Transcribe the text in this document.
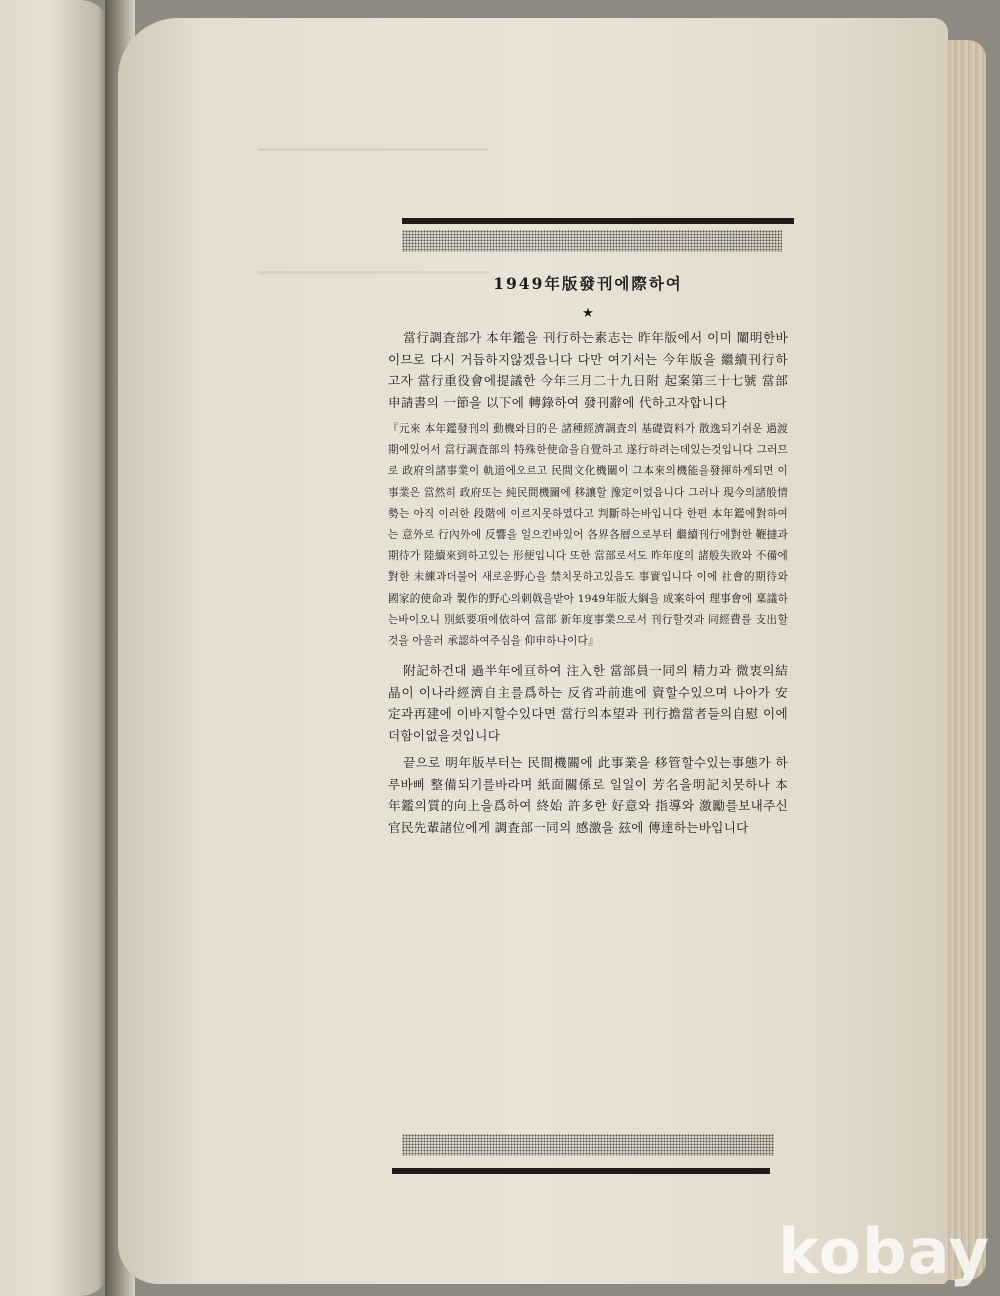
1949年版發刊에際하여
★

當行調査部가 本年鑑을 刊行하는素志는 昨年版에서 이미 闡明한바이므로 다시 거듭하지않겠읍니다 다만 여기서는 今年版을 繼續刊行하고자 當行重役會에提議한 今年三月二十九日附 起案第三十七號 當部申請書의 一節을 以下에 轉錄하여 發刊辭에 代하고자합니다

『元來 本年鑑發刊의 動機와目的은 諸種經濟調査의 基礎資料가 散逸되기쉬운 過渡期에있어서 當行調査部의 特殊한使命을自覺하고 遂行하려는데있는것입니다 그러므로 政府의諸事業이 軌道에오르고 民間文化機關이 그本來의機能을發揮하게되면 이事業은 當然히 政府또는 純民間機關에 移讓할 豫定이었읍니다 그러나 現今의諸般情勢는 아직 이러한 段階에 이르지못하였다고 判斷하는바입니다 한편 本年鑑에對하여는 意外로 行內外에 反響을 일으킨바있어 各界各層으로부터 繼續刊行에對한 鞭撻과 期待가 陸續來到하고있는 形便입니다 또한 當部로서도 昨年度의 諸般失敗와 不備에對한 未練과더불어 새로운野心을 禁치못하고있음도 事實입니다 이에 社會的期待와 國家的使命과 製作的野心의刺戟을받아 1949年版大綱을 成案하여 理事會에 稟議하는바이오니 別紙要項에依하여 當部 新年度事業으로서 刊行할것과 同經費를 支出할것을 아울러 承認하여주심을 仰申하나이다』

附記하건대 過半年에亘하여 注入한 當部員一同의 精力과 微衷의結晶이 이나라經濟自主를爲하는 反省과前進에 資할수있으며 나아가 安定과再建에 이바지할수있다면 當行의本望과 刊行擔當者들의自慰 이에 더함이없을것입니다

끝으로 明年版부터는 民間機關에 此事業을 移管할수있는事態가 하루바삐 整備되기를바라며 紙面關係로 일일이 芳名을明記치못하나 本年鑑의質的向上을爲하여 終始 許多한 好意와 指導와 激勵를보내주신 官民先輩諸位에게 調査部一同의 感激을 玆에 傳達하는바입니다

kobay
